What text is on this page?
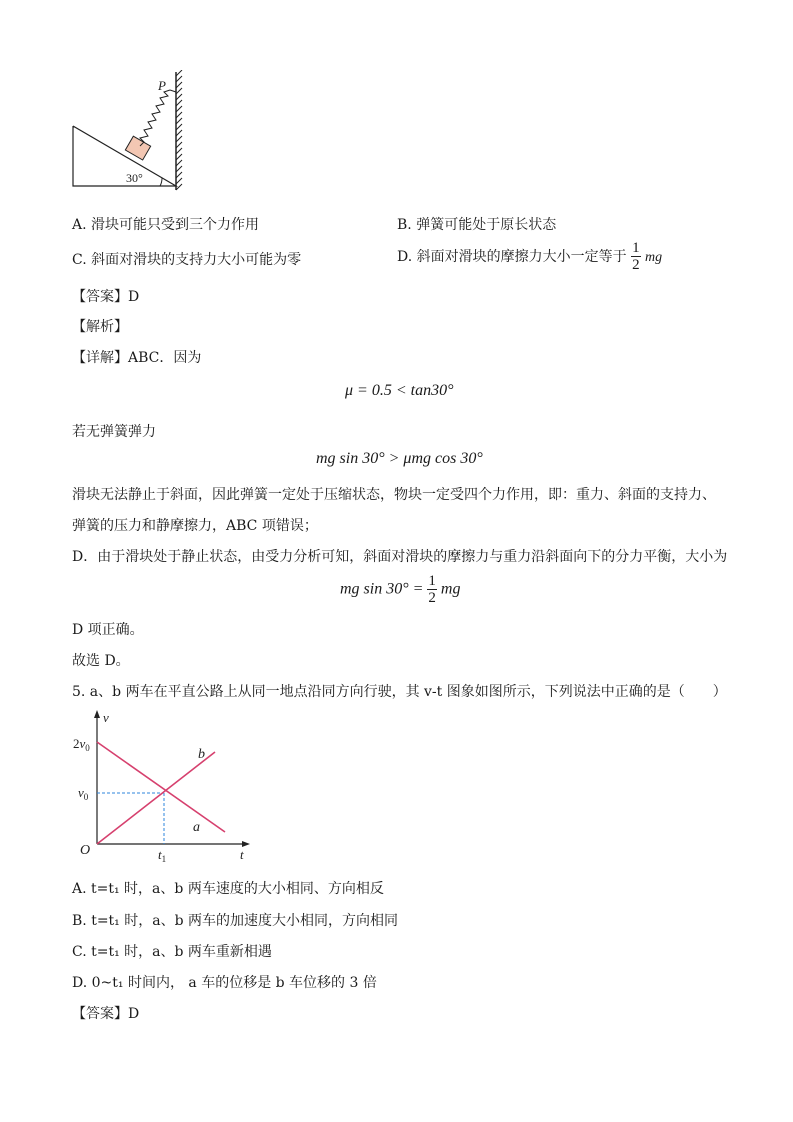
P
30°
A. 滑块可能只受到三个力作用	B. 弹簧可能处于原长状态
C. 斜面对滑块的支持力大小可能为零	D. 斜面对滑块的摩擦力大小一定等于 $\frac{1}{2}$ mg
【答案】D
【解析】
【详解】ABC．因为
μ = 0.5 < tan30°
若无弹簧弹力
mg sin 30° > μmg cos 30°
滑块无法静止于斜面，因此弹簧一定处于压缩状态，物块一定受四个力作用，即：重力、斜面的支持力、
弹簧的压力和静摩擦力，ABC 项错误；
D．由于滑块处于静止状态，由受力分析可知，斜面对滑块的摩擦力与重力沿斜面向下的分力平衡，大小为
mg $\sin 30^\circ = \frac{1}{2}$ mg
D 项正确。
故选 D。
5. a、b 两车在平直公路上从同一地点沿同方向行驶，其 v-t 图象如图所示，下列说法中正确的是（　　）
v
t
O
$2v_0$
$v_0$
$t_1$
b
a
A. t=t₁ 时，a、b 两车速度的大小相同、方向相反
B. t=t₁ 时，a、b 两车的加速度大小相同，方向相同
C. t=t₁ 时，a、b 两车重新相遇
D. 0~t₁ 时间内， a 车的位移是 b 车位移的 3 倍
【答案】D
